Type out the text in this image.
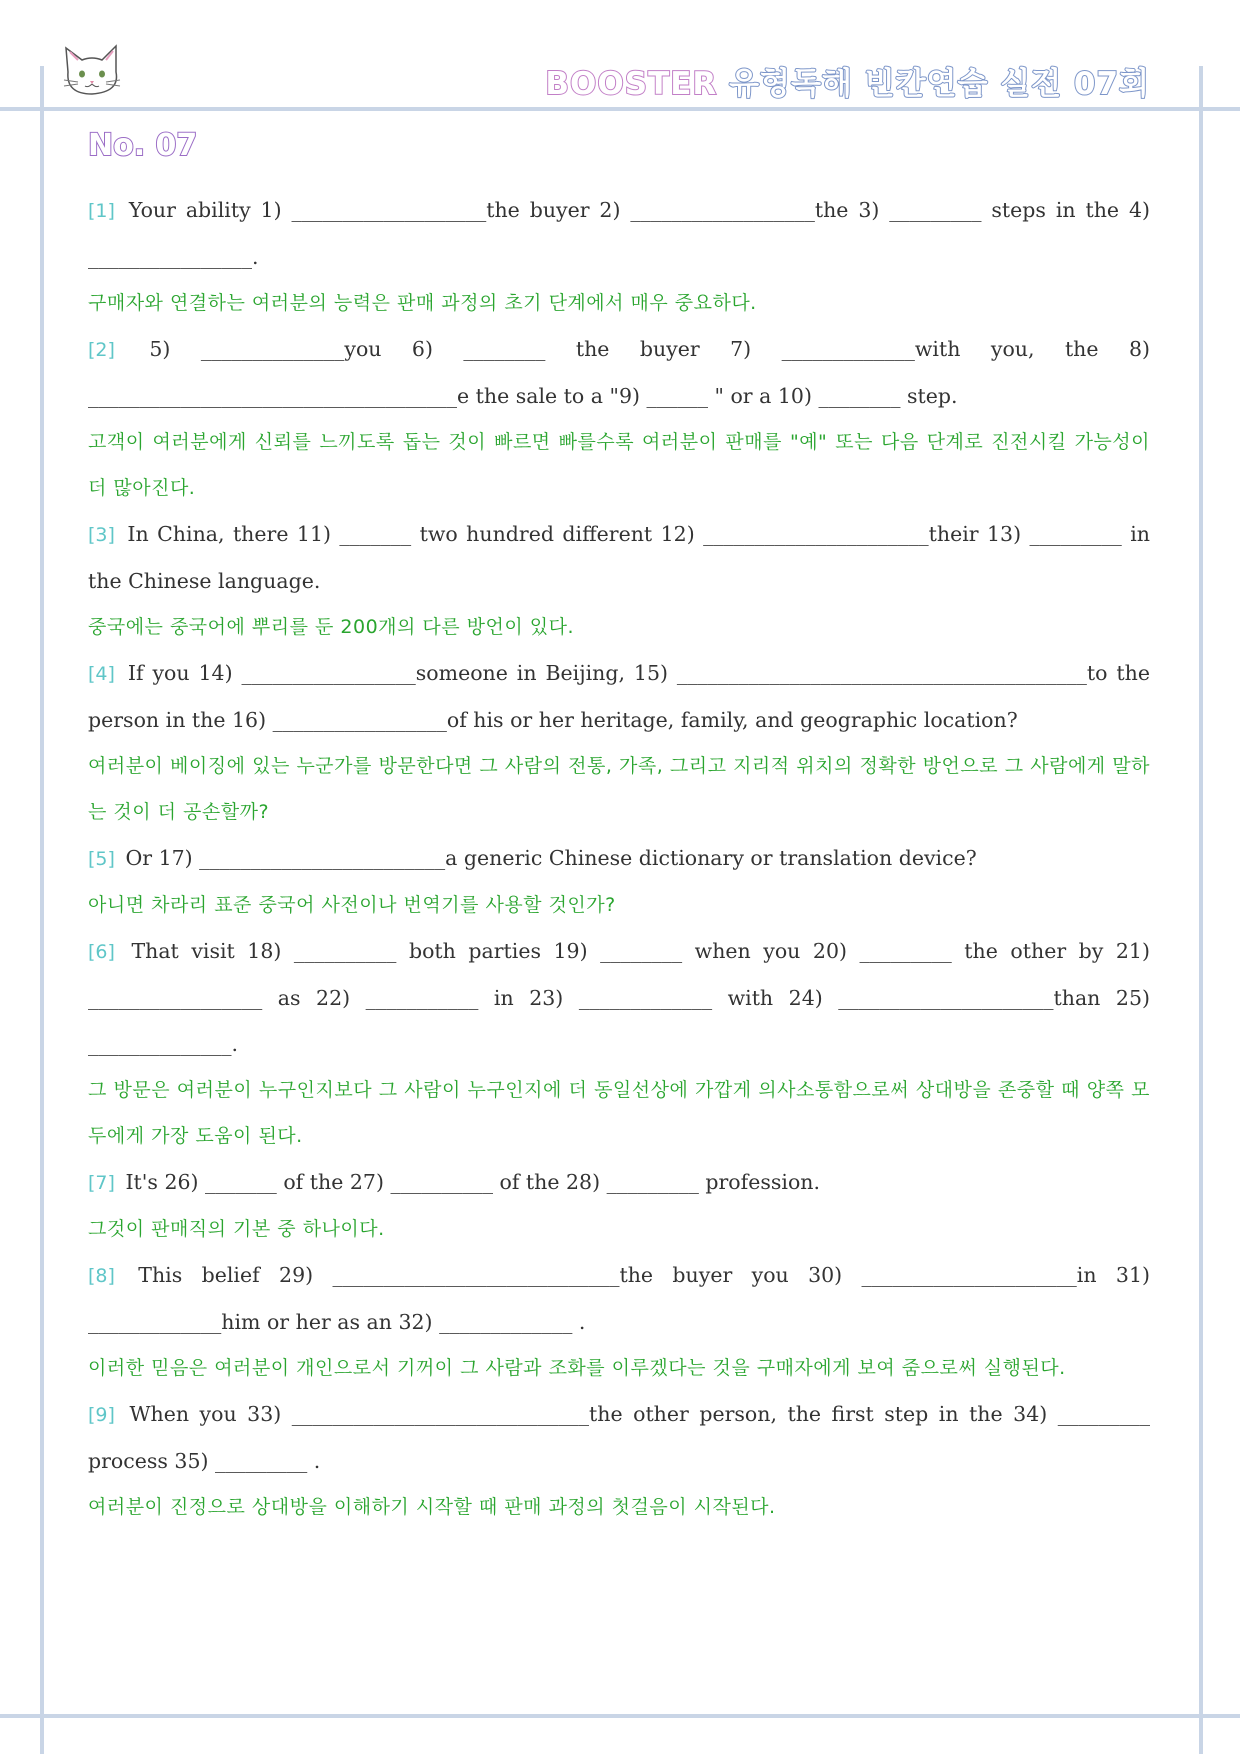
BOOSTER 유형독해 빈칸연습 실전 07회
No. 07

[1] Your ability 1) ___________________the buyer 2) __________________the 3) _________ steps in the 4) ________________.

구매자와 연결하는 여러분의 능력은 판매 과정의 초기 단계에서 매우 중요하다.

[2] 5) ______________you 6) ________ the buyer 7) _____________with you, the 8) ____________________________________e the sale to a "9) ______ " or a 10) ________ step.

고객이 여러분에게 신뢰를 느끼도록 돕는 것이 빠르면 빠를수록 여러분이 판매를 "예" 또는 다음 단계로 진전시킬 가능성이 더 많아진다.

[3] In China, there 11) _______ two hundred different 12) ______________________their 13) _________ in the Chinese language.

중국에는 중국어에 뿌리를 둔 200개의 다른 방언이 있다.

[4] If you 14) _________________someone in Beijing, 15) ________________________________________to the person in the 16) _________________of his or her heritage, family, and geographic location?

여러분이 베이징에 있는 누군가를 방문한다면 그 사람의 전통, 가족, 그리고 지리적 위치의 정확한 방언으로 그 사람에게 말하는 것이 더 공손할까?

[5] Or 17) ________________________a generic Chinese dictionary or translation device?

아니면 차라리 표준 중국어 사전이나 번역기를 사용할 것인가?

[6] That visit 18) __________ both parties 19) ________ when you 20) _________ the other by 21) _________________ as 22) ___________ in 23) _____________ with 24) _____________________than 25) ______________.

그 방문은 여러분이 누구인지보다 그 사람이 누구인지에 더 동일선상에 가깝게 의사소통함으로써 상대방을 존중할 때 양쪽 모두에게 가장 도움이 된다.

[7] It's 26) _______ of the 27) __________ of the 28) _________ profession.

그것이 판매직의 기본 중 하나이다.

[8] This belief 29) ____________________________the buyer you 30) _____________________in 31) _____________him or her as an 32) _____________ .

이러한 믿음은 여러분이 개인으로서 기꺼이 그 사람과 조화를 이루겠다는 것을 구매자에게 보여 줌으로써 실행된다.

[9] When you 33) _____________________________the other person, the first step in the 34) _________ process 35) _________ .

여러분이 진정으로 상대방을 이해하기 시작할 때 판매 과정의 첫걸음이 시작된다.
